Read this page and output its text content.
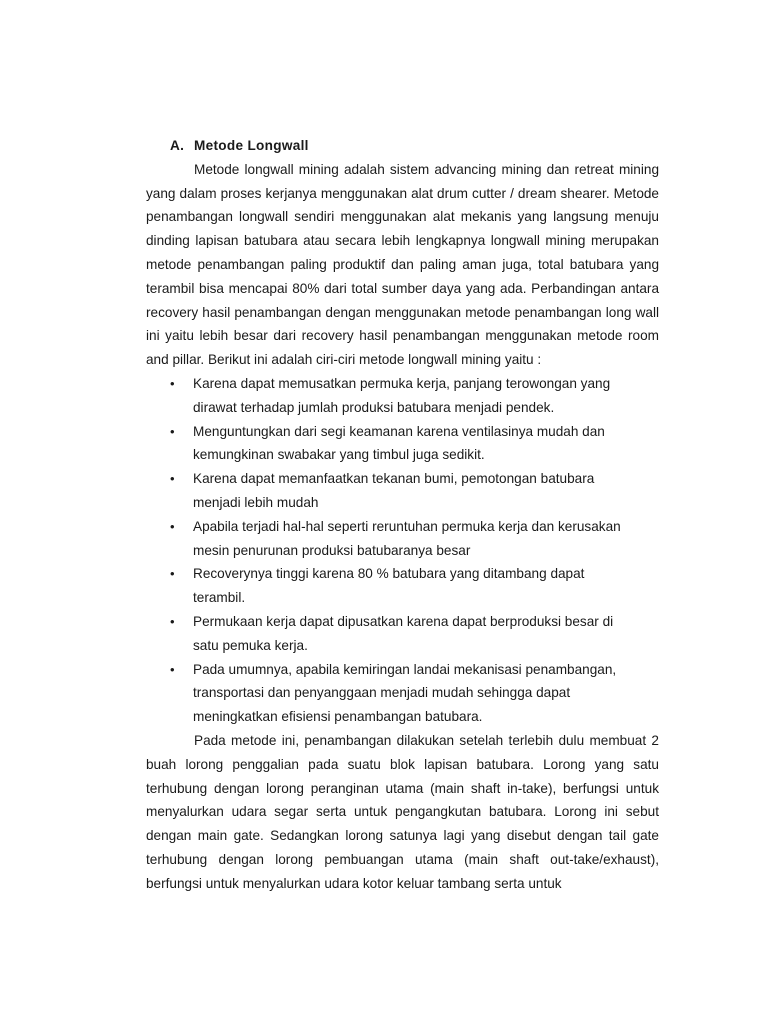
A. Metode Longwall

Metode longwall mining adalah sistem advancing mining dan retreat mining yang dalam proses kerjanya menggunakan alat drum cutter / dream shearer. Metode penambangan longwall sendiri menggunakan alat mekanis yang langsung menuju dinding lapisan batubara atau secara lebih lengkapnya longwall mining merupakan metode penambangan paling produktif dan paling aman juga, total batubara yang terambil bisa mencapai 80% dari total sumber daya yang ada. Perbandingan antara recovery hasil penambangan dengan menggunakan metode penambangan long wall ini yaitu lebih besar dari recovery hasil penambangan menggunakan metode room and pillar. Berikut ini adalah ciri-ciri metode longwall mining yaitu :

• Karena dapat memusatkan permuka kerja, panjang terowongan yang dirawat terhadap jumlah produksi batubara menjadi pendek.
• Menguntungkan dari segi keamanan karena ventilasinya mudah dan kemungkinan swabakar yang timbul juga sedikit.
• Karena dapat memanfaatkan tekanan bumi, pemotongan batubara menjadi lebih mudah
• Apabila terjadi hal-hal seperti reruntuhan permuka kerja dan kerusakan mesin penurunan produksi batubaranya besar
• Recoverynya tinggi karena 80 % batubara yang ditambang dapat terambil.
• Permukaan kerja dapat dipusatkan karena dapat berproduksi besar di satu pemuka kerja.
• Pada umumnya, apabila kemiringan landai mekanisasi penambangan, transportasi dan penyanggaan menjadi mudah sehingga dapat meningkatkan efisiensi penambangan batubara.

Pada metode ini, penambangan dilakukan setelah terlebih dulu membuat 2 buah lorong penggalian pada suatu blok lapisan batubara. Lorong yang satu terhubung dengan lorong peranginan utama (main shaft in-take), berfungsi untuk menyalurkan udara segar serta untuk pengangkutan batubara. Lorong ini sebut dengan main gate. Sedangkan lorong satunya lagi yang disebut dengan tail gate terhubung dengan lorong pembuangan utama (main shaft out-take/exhaust), berfungsi untuk menyalurkan udara kotor keluar tambang serta untuk
